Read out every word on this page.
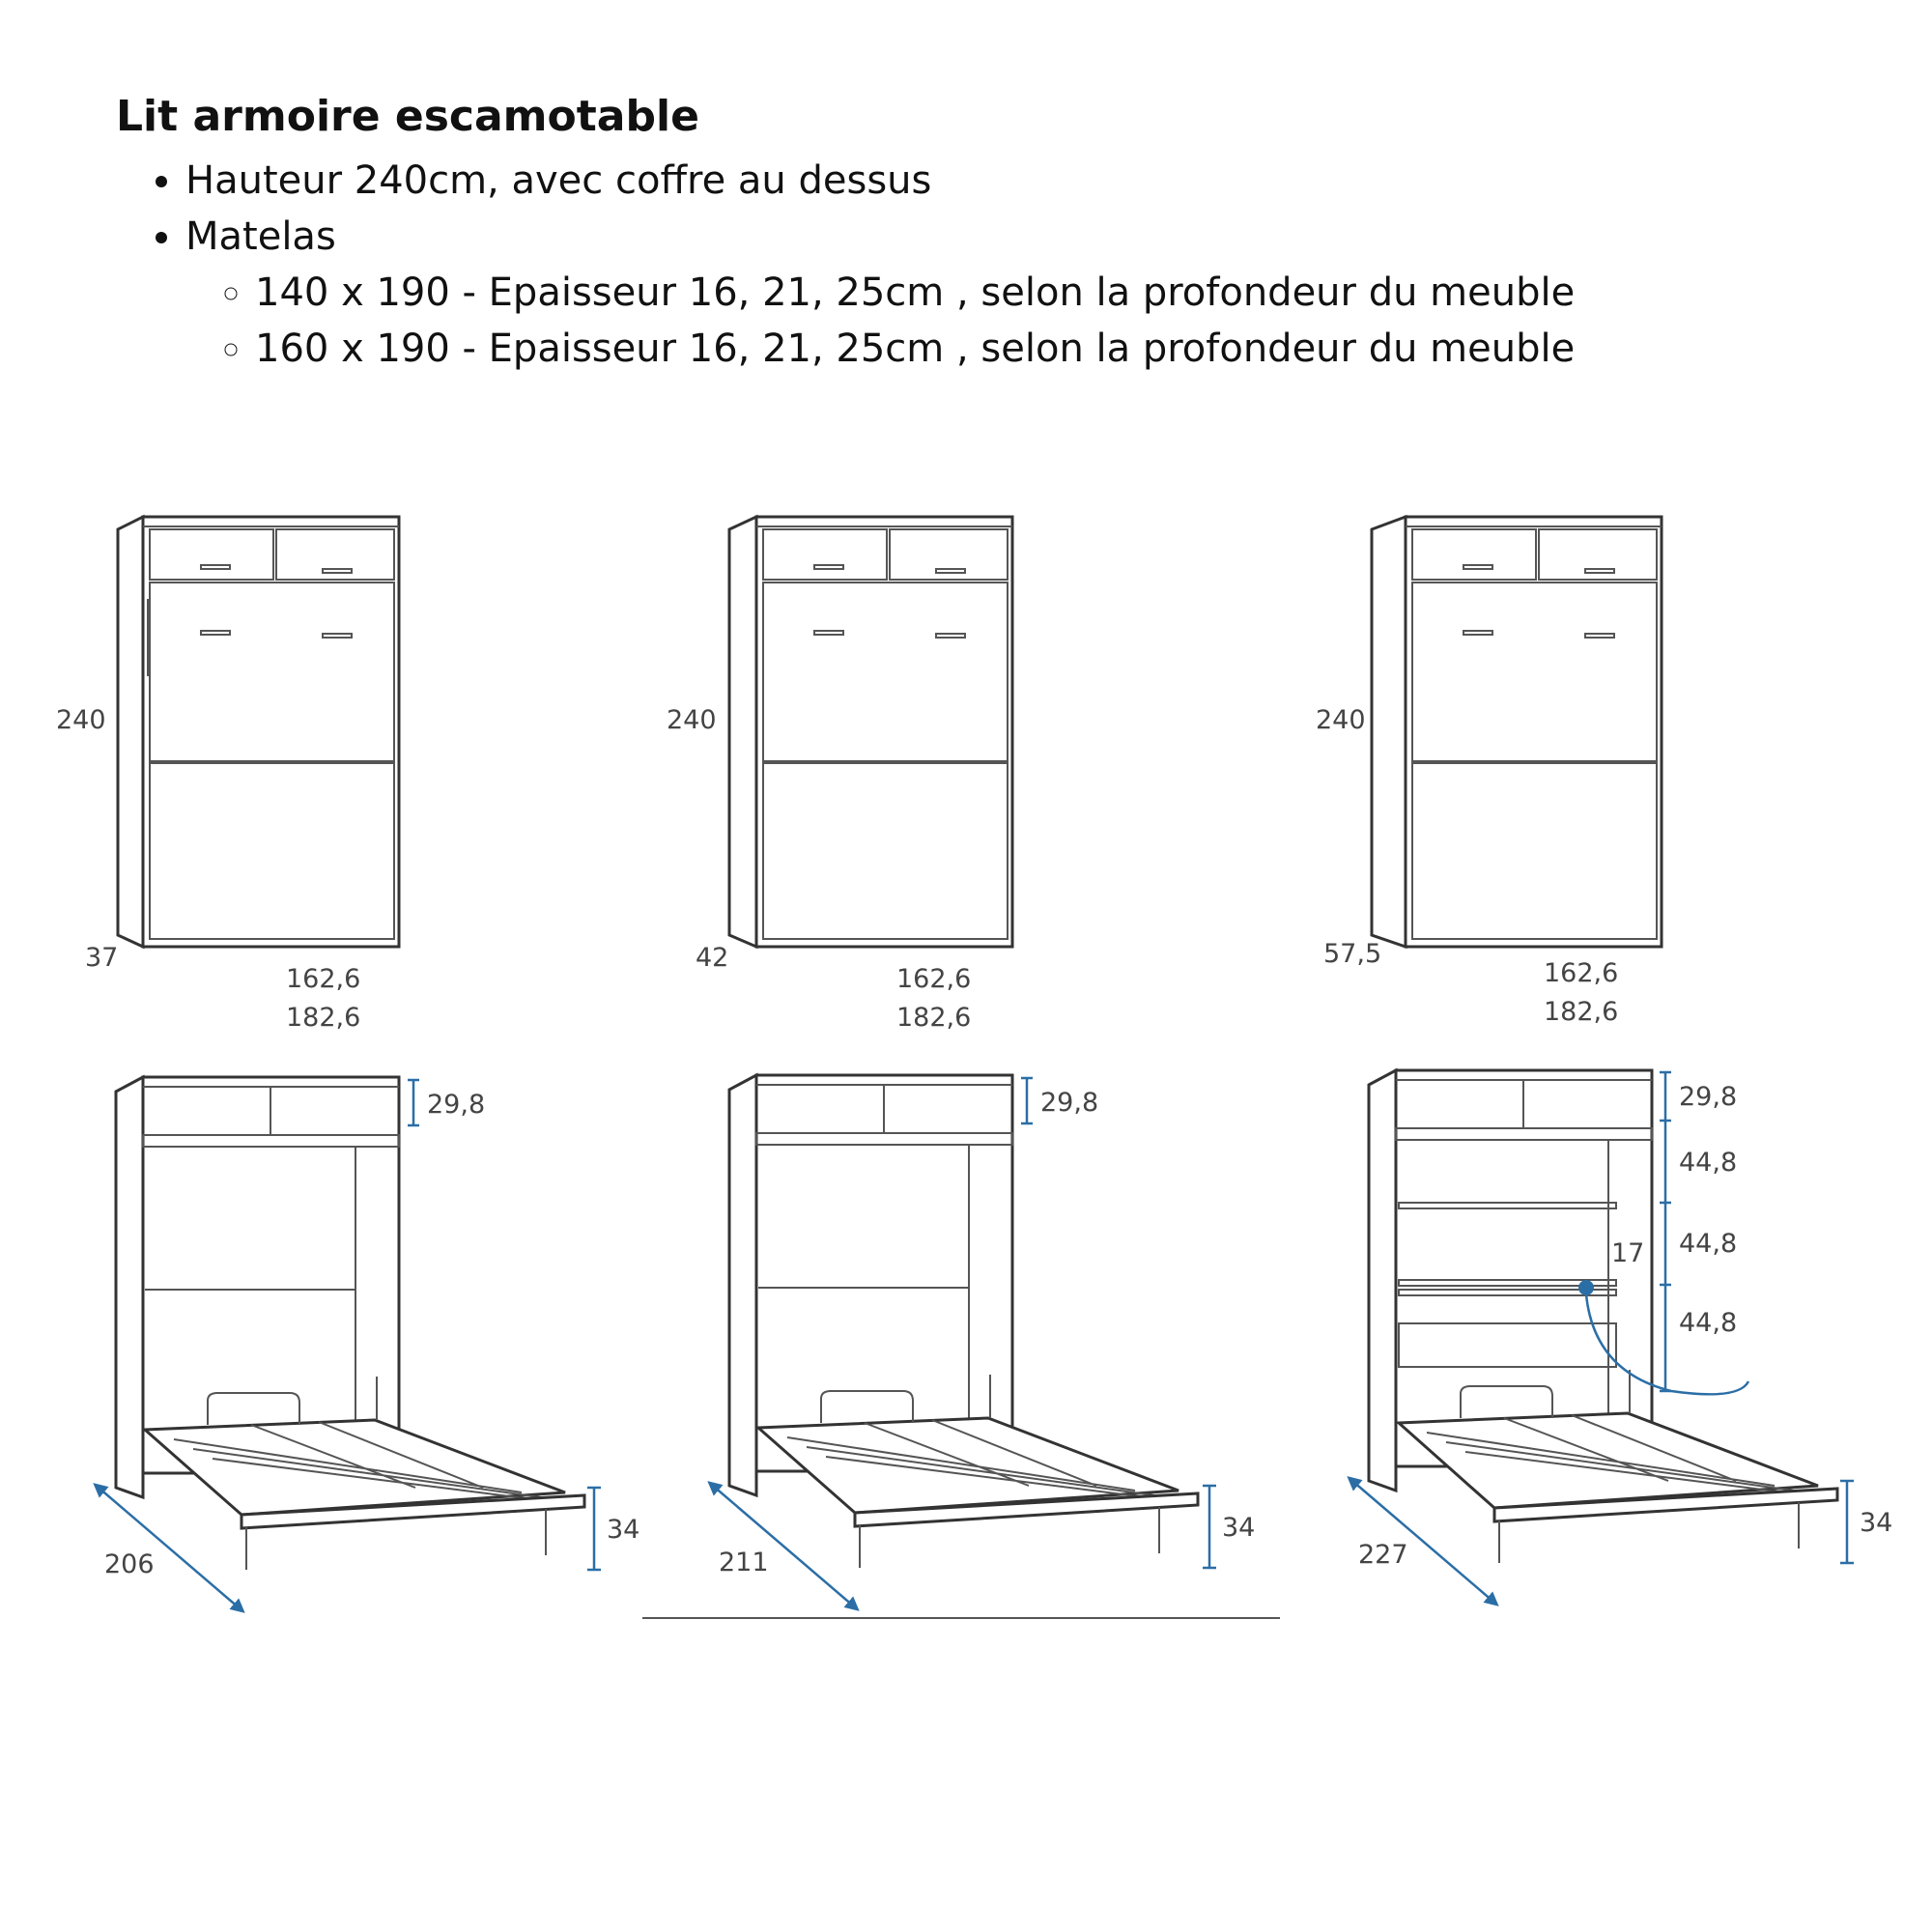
Lit armoire escamotable
• Hauteur 240cm, avec coffre au dessus
• Matelas
◦ 140 x 190 - Epaisseur 16, 21, 25cm , selon la profondeur du meuble
◦ 160 x 190 - Epaisseur 16, 21, 25cm , selon la profondeur du meuble
240
37
162,6
182,6
240
42
162,6
182,6
240
57,5
162,6
182,6
29,8
34
206
29,8
34
211
29,8
44,8
44,8
44,8
17
34
227
